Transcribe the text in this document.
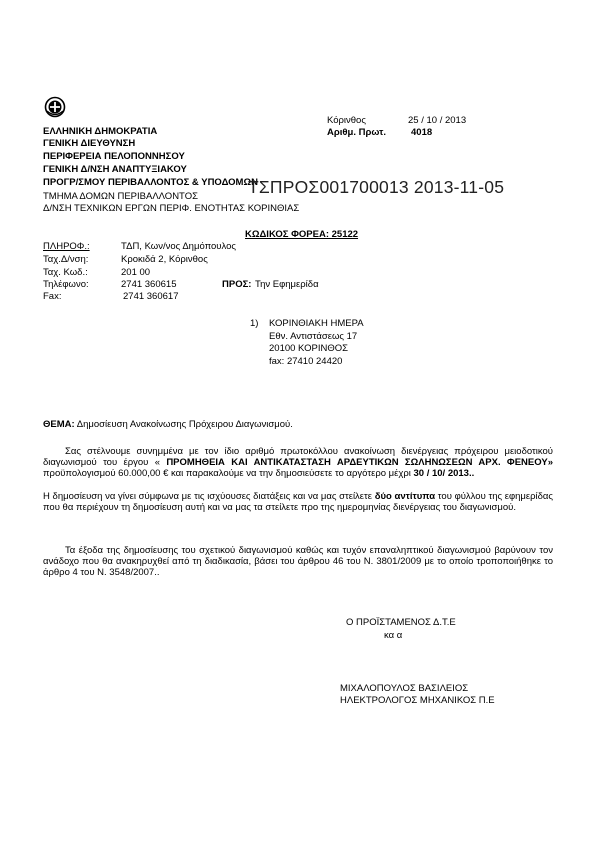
ΕΛΛΗΝΙΚΗ ΔΗΜΟΚΡΑΤΙΑ
ΓΕΝΙΚΗ ΔΙΕΥΘΥΝΣΗ
ΠΕΡΙΦΕΡΕΙΑ ΠΕΛΟΠΟΝΝΗΣΟΥ
ΓΕΝΙΚΗ Δ/ΝΣΗ ΑΝΑΠΤΥΞΙΑΚΟΥ
ΠΡΟΓΡ/ΣΜΟΥ ΠΕΡΙΒΑΛΛΟΝΤΟΣ & ΥΠΟΔΟΜΩΝ
ΤΜΗΜΑ ΔΟΜΩΝ ΠΕΡΙΒΑΛΛΟΝΤΟΣ
Δ/ΝΣΗ ΤΕΧΝΙΚΩΝ ΕΡΓΩΝ ΠΕΡΙΦ. ΕΝΟΤΗΤΑΣ ΚΟΡΙΝΘΙΑΣ
Κόρινθος	25 / 10 / 2013
Αριθμ. Πρωτ.	4018
ΤΣΠΡΟΣ001700013 2013-11-05
ΚΩΔΙΚΟΣ ΦΟΡΕΑ: 25122
ΠΛΗΡΟΦ.:	ΤΔΠ, Κων/νος Δημόπουλος
Ταχ.Δ/νση:	Κροκιδά 2, Κόρινθος
Ταχ. Κωδ.:	201 00
Τηλέφωνο:	2741 360615
Fax:	2741 360617
ΠΡΟΣ: Την Εφημερίδα
1) ΚΟΡΙΝΘΙΑΚΗ ΗΜΕΡΑ
Εθν. Αντιστάσεως 17
20100 ΚΟΡΙΝΘΟΣ
fax: 27410 24420
ΘΕΜΑ: Δημοσίευση Ανακοίνωσης Πρόχειρου Διαγωνισμού.
Σας στέλνουμε συνημμένα με τον ίδιο αριθμό πρωτοκόλλου ανακοίνωση διενέργειας πρόχειρου μειοδοτικού διαγωνισμού του έργου « ΠΡΟΜΗΘΕΙΑ ΚΑΙ ΑΝΤΙΚΑΤΑΣΤΑΣΗ ΑΡΔΕΥΤΙΚΩΝ ΣΩΛΗΝΩΣΕΩΝ ΑΡΧ. ΦΕΝΕΟΥ» προϋπολογισμού 60.000,00 € και παρακαλούμε να την δημοσιεύσετε το αργότερο μέχρι 30 / 10/ 2013..
Η δημοσίευση να γίνει σύμφωνα με τις ισχύουσες διατάξεις και να μας στείλετε δύο αντίτυπα του φύλλου της εφημερίδας που θα περιέχουν τη δημοσίευση αυτή και να μας τα στείλετε προ της ημερομηνίας διενέργειας του διαγωνισμού.
Τα έξοδα της δημοσίευσης του σχετικού διαγωνισμού καθώς και τυχόν επαναληπτικού διαγωνισμού βαρύνουν τον ανάδοχο που θα ανακηρυχθεί από τη διαδικασία, βάσει του άρθρου 46 του Ν. 3801/2009 με το οποίο τροποποιήθηκε το άρθρο 4 του Ν. 3548/2007..
Ο ΠΡΟΪΣΤΑΜΕΝΟΣ Δ.Τ.Ε
κα α
ΜΙΧΑΛΟΠΟΥΛΟΣ ΒΑΣΙΛΕΙΟΣ
ΗΛΕΚΤΡΟΛΟΓΟΣ ΜΗΧΑΝΙΚΟΣ Π.Ε
